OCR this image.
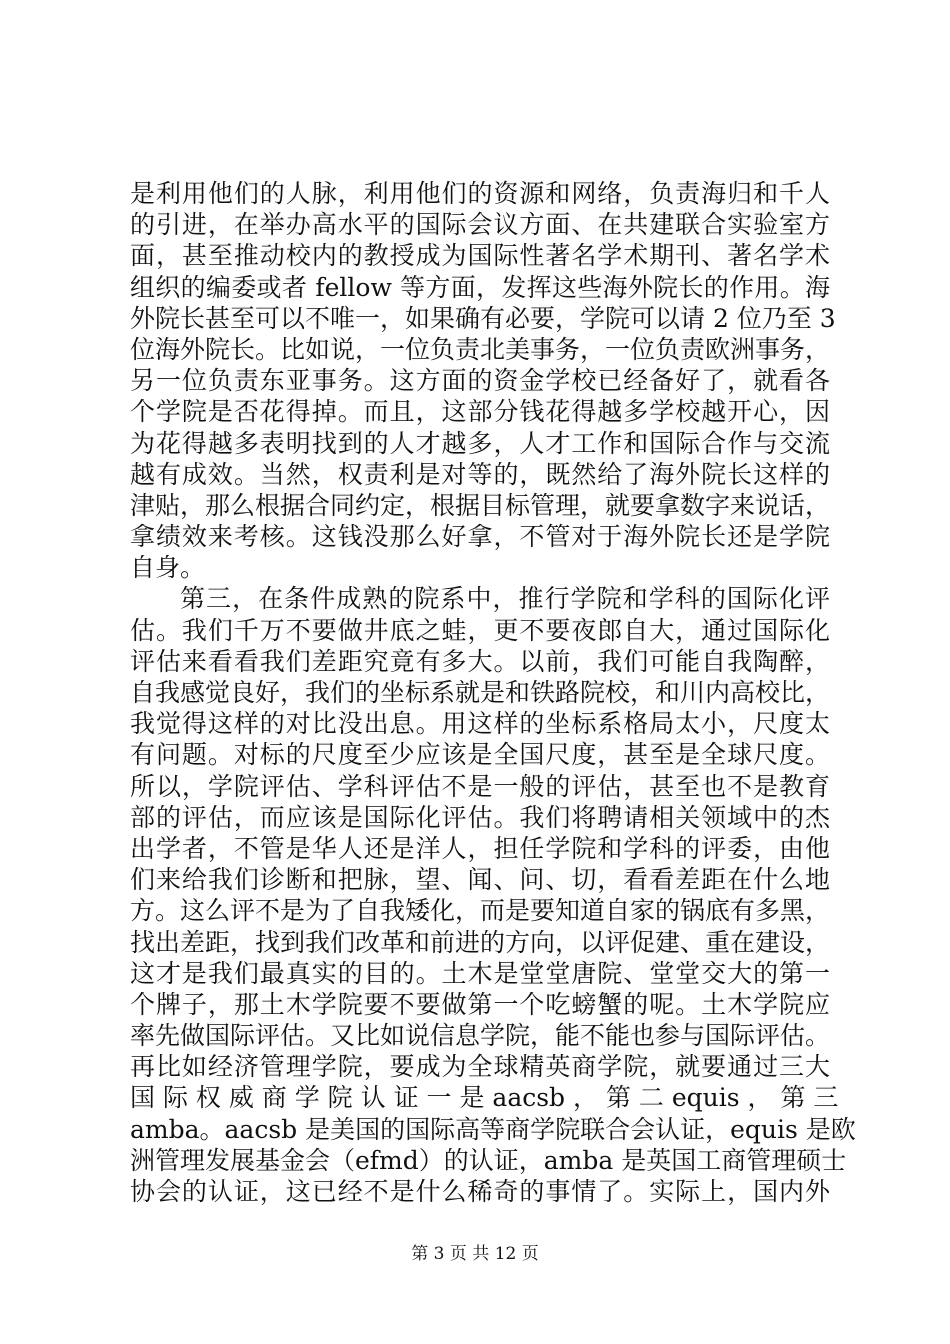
是利用他们的人脉，利用他们的资源和网络，负责海归和千人
的引进，在举办高水平的国际会议方面、在共建联合实验室方
面，甚至推动校内的教授成为国际性著名学术期刊、著名学术
组织的编委或者 fellow 等方面，发挥这些海外院长的作用。海
外院长甚至可以不唯一，如果确有必要，学院可以请 2 位乃至 3
位海外院长。比如说，一位负责北美事务，一位负责欧洲事务，
另一位负责东亚事务。这方面的资金学校已经备好了，就看各
个学院是否花得掉。而且，这部分钱花得越多学校越开心，因
为花得越多表明找到的人才越多，人才工作和国际合作与交流
越有成效。当然，权责利是对等的，既然给了海外院长这样的
津贴，那么根据合同约定，根据目标管理，就要拿数字来说话，
拿绩效来考核。这钱没那么好拿，不管对于海外院长还是学院
自身。
第三，在条件成熟的院系中，推行学院和学科的国际化评
估。我们千万不要做井底之蛙，更不要夜郎自大，通过国际化
评估来看看我们差距究竟有多大。以前，我们可能自我陶醉，
自我感觉良好，我们的坐标系就是和铁路院校，和川内高校比，
我觉得这样的对比没出息。用这样的坐标系格局太小，尺度太
有问题。对标的尺度至少应该是全国尺度，甚至是全球尺度。
所以，学院评估、学科评估不是一般的评估，甚至也不是教育
部的评估，而应该是国际化评估。我们将聘请相关领域中的杰
出学者，不管是华人还是洋人，担任学院和学科的评委，由他
们来给我们诊断和把脉，望、闻、问、切，看看差距在什么地
方。这么评不是为了自我矮化，而是要知道自家的锅底有多黑，
找出差距，找到我们改革和前进的方向，以评促建、重在建设，
这才是我们最真实的目的。土木是堂堂唐院、堂堂交大的第一
个牌子，那土木学院要不要做第一个吃螃蟹的呢。土木学院应
率先做国际评估。又比如说信息学院，能不能也参与国际评估。
再比如经济管理学院，要成为全球精英商学院，就要通过三大
国 际 权 威 商 学 院 认 证 一 是 aacsb ， 第 二 equis ， 第 三
amba。aacsb 是美国的国际高等商学院联合会认证，equis 是欧
洲管理发展基金会（efmd）的认证，amba 是英国工商管理硕士
协会的认证，这已经不是什么稀奇的事情了。实际上，国内外
第 3 页 共 12 页
